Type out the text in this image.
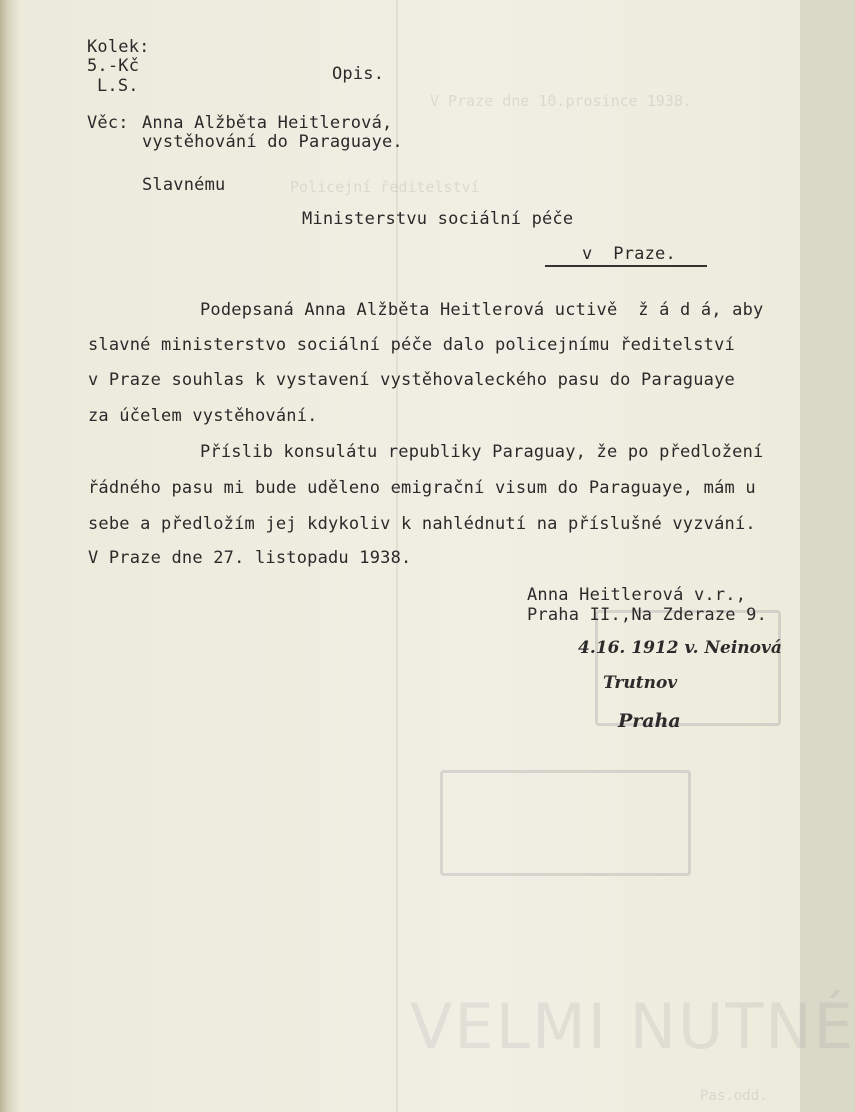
V Praze dne 10.prosince 1938.
Policejní ředitelství
VELMI NUTNÉ
Pas.odd.
Kolek:
5.-Kč
L.S.
Opis.
Věc: Anna Alžběta Heitlerová,
vystěhování do Paraguaye.
Slavnému
Ministerstvu sociální péče
v  Praze.
Podepsaná Anna Alžběta Heitlerová uctivě  ž á d á, aby
slavné ministerstvo sociální péče dalo policejnímu ředitelství
v Praze souhlas k vystavení vystěhovaleckého pasu do Paraguaye
za účelem vystěhování.
Příslib konsulátu republiky Paraguay, že po předložení
řádného pasu mi bude uděleno emigrační visum do Paraguaye, mám u
sebe a předložím jej kdykoliv k nahlédnutí na příslušné vyzvání.
V Praze dne 27. listopadu 1938.
Anna Heitlerová v.r.,
Praha II.,Na Zderaze 9.
4.16. 1912 v. Neinová
Trutnov
Praha
